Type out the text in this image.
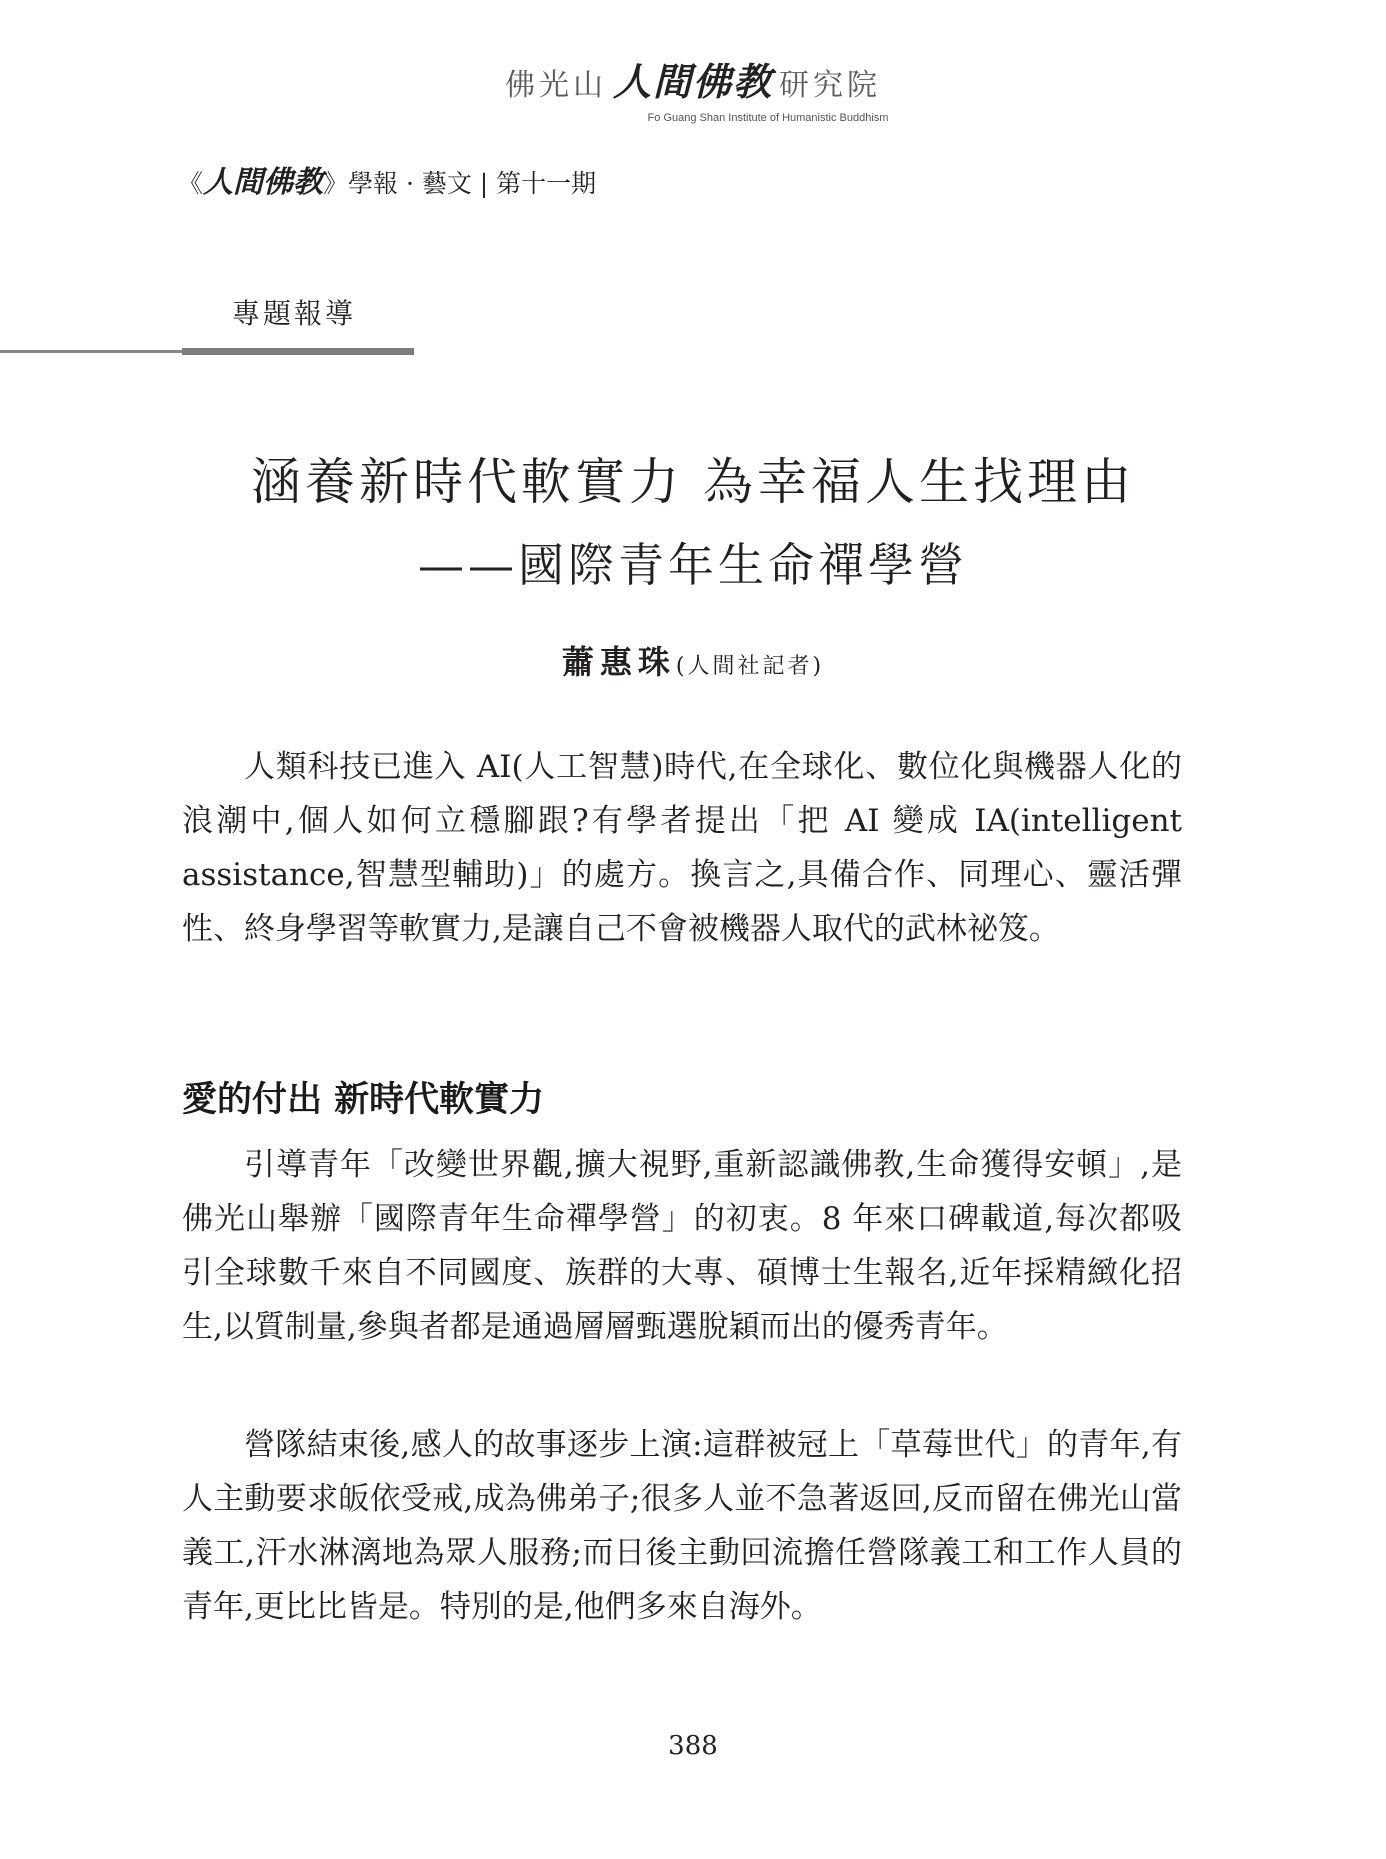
佛光山 人間佛教 研究院
Fo Guang Shan Institute of Humanistic Buddhism
《人間佛教》學報 · 藝文 | 第十一期
專題報導
涵養新時代軟實力 為幸福人生找理由
——國際青年生命禪學營
蕭惠珠(人間社記者)

人類科技已進入 AI(人工智慧)時代,在全球化、數位化與機器人化的浪潮中,個人如何立穩腳跟?有學者提出「把 AI 變成 IA(intelligent assistance,智慧型輔助)」的處方。換言之,具備合作、同理心、靈活彈性、終身學習等軟實力,是讓自己不會被機器人取代的武林祕笈。

愛的付出 新時代軟實力

引導青年「改變世界觀,擴大視野,重新認識佛教,生命獲得安頓」,是佛光山舉辦「國際青年生命禪學營」的初衷。8 年來口碑載道,每次都吸引全球數千來自不同國度、族群的大專、碩博士生報名,近年採精緻化招生,以質制量,參與者都是通過層層甄選脫穎而出的優秀青年。

營隊結束後,感人的故事逐步上演:這群被冠上「草莓世代」的青年,有人主動要求皈依受戒,成為佛弟子;很多人並不急著返回,反而留在佛光山當義工,汗水淋漓地為眾人服務;而日後主動回流擔任營隊義工和工作人員的青年,更比比皆是。特別的是,他們多來自海外。

388
